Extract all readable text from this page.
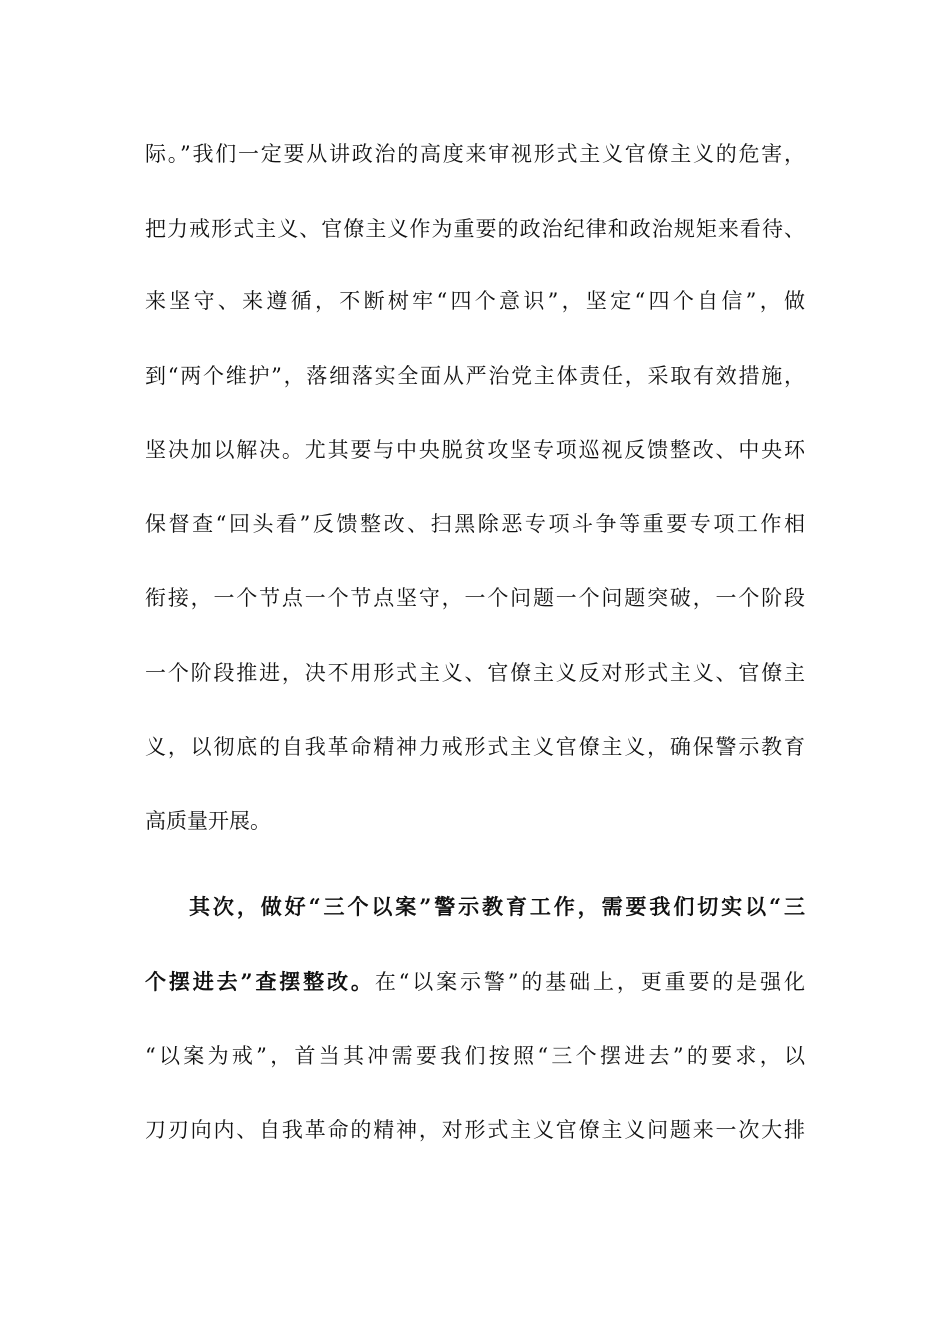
际。”我们一定要从讲政治的高度来审视形式主义官僚主义的危害，
把力戒形式主义、官僚主义作为重要的政治纪律和政治规矩来看待、
来坚守、来遵循，不断树牢“四个意识”，坚定“四个自信”，做
到“两个维护”，落细落实全面从严治党主体责任，采取有效措施，
坚决加以解决。尤其要与中央脱贫攻坚专项巡视反馈整改、中央环
保督查“回头看”反馈整改、扫黑除恶专项斗争等重要专项工作相
衔接，一个节点一个节点坚守，一个问题一个问题突破，一个阶段
一个阶段推进，决不用形式主义、官僚主义反对形式主义、官僚主
义，以彻底的自我革命精神力戒形式主义官僚主义，确保警示教育
高质量开展。
其次，做好“三个以案”警示教育工作，需要我们切实以“三
个摆进去”查摆整改。在“以案示警”的基础上，更重要的是强化
“以案为戒”，首当其冲需要我们按照“三个摆进去”的要求，以
刀刃向内、自我革命的精神，对形式主义官僚主义问题来一次大排
